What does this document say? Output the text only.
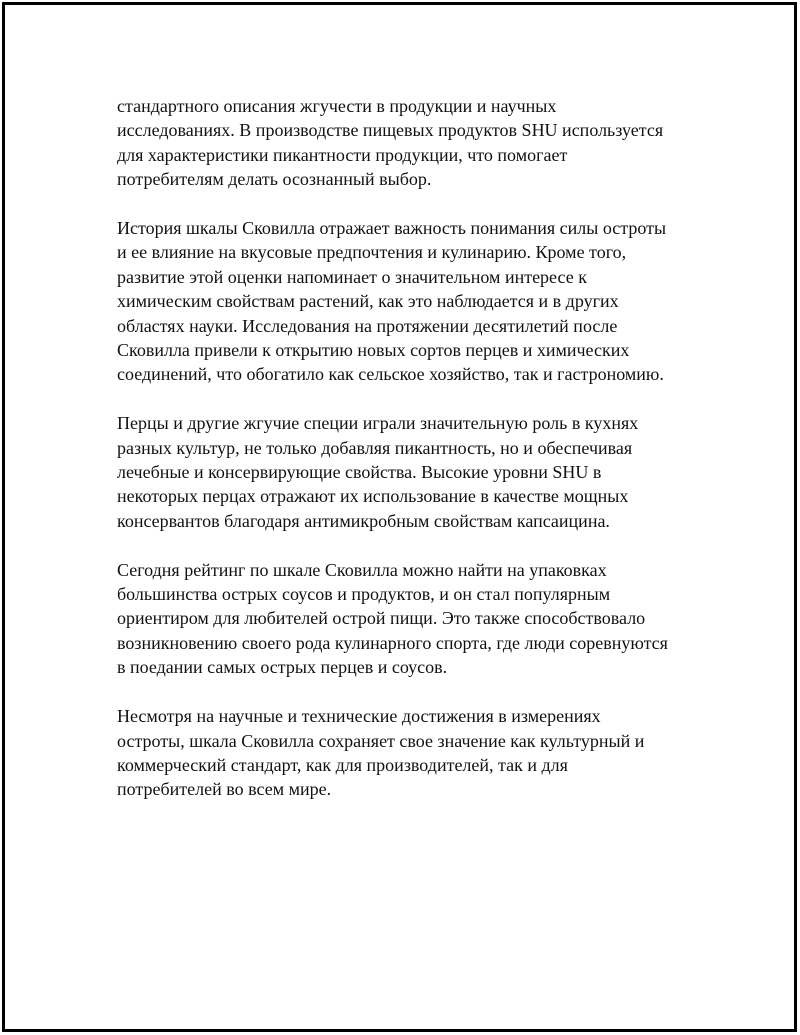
стандартного описания жгучести в продукции и научных
исследованиях. В производстве пищевых продуктов SHU используется
для характеристики пикантности продукции, что помогает
потребителям делать осознанный выбор.

История шкалы Сковилла отражает важность понимания силы остроты
и ее влияние на вкусовые предпочтения и кулинарию. Кроме того,
развитие этой оценки напоминает о значительном интересе к
химическим свойствам растений, как это наблюдается и в других
областях науки. Исследования на протяжении десятилетий после
Сковилла привели к открытию новых сортов перцев и химических
соединений, что обогатило как сельское хозяйство, так и гастрономию.

Перцы и другие жгучие специи играли значительную роль в кухнях
разных культур, не только добавляя пикантность, но и обеспечивая
лечебные и консервирующие свойства. Высокие уровни SHU в
некоторых перцах отражают их использование в качестве мощных
консервантов благодаря антимикробным свойствам капсаицина.

Сегодня рейтинг по шкале Сковилла можно найти на упаковках
большинства острых соусов и продуктов, и он стал популярным
ориентиром для любителей острой пищи. Это также способствовало
возникновению своего рода кулинарного спорта, где люди соревнуются
в поедании самых острых перцев и соусов.

Несмотря на научные и технические достижения в измерениях
остроты, шкала Сковилла сохраняет свое значение как культурный и
коммерческий стандарт, как для производителей, так и для
потребителей во всем мире.
